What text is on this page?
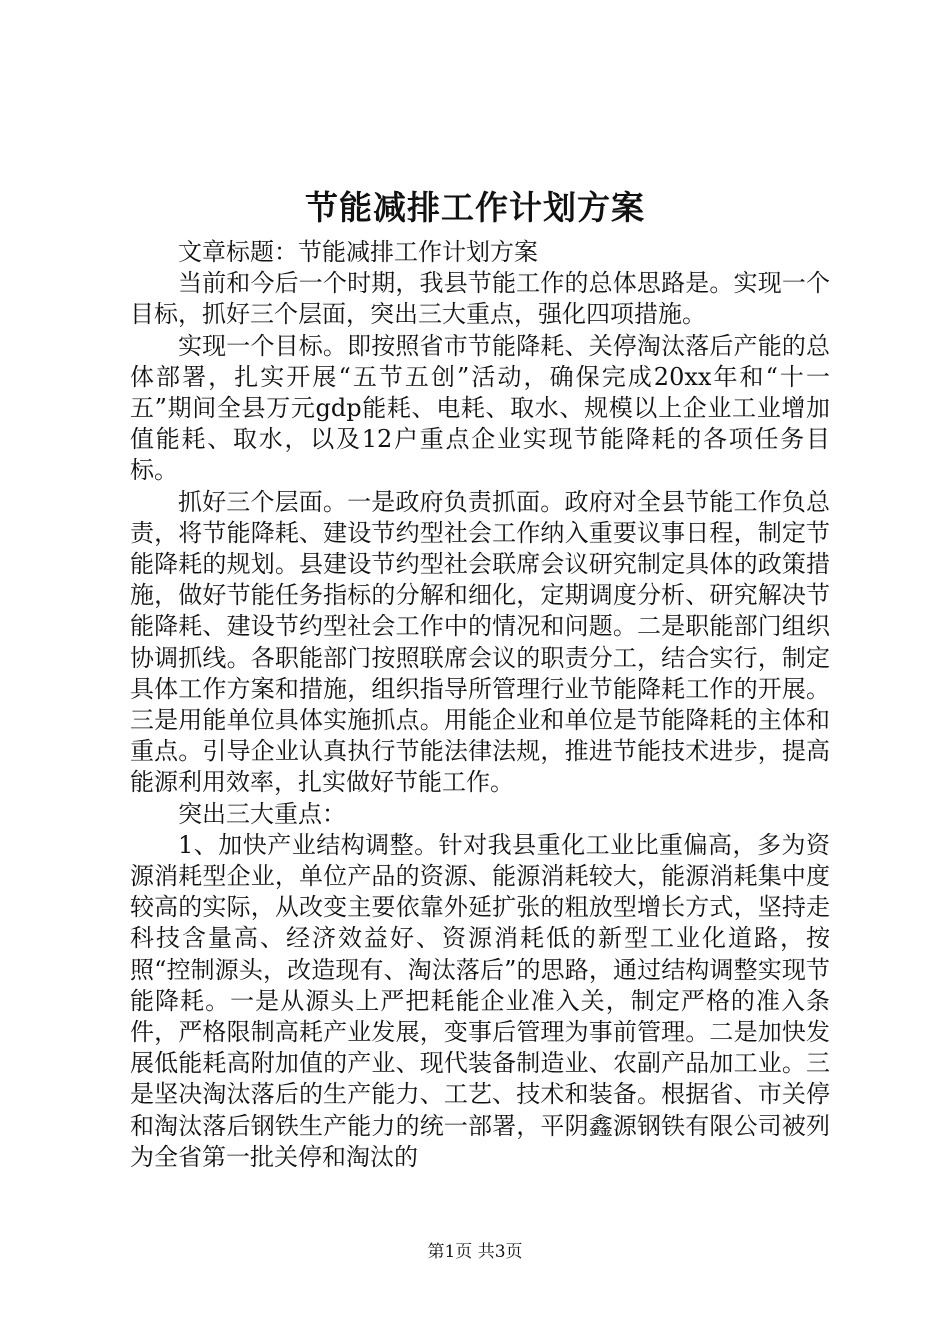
节能减排工作计划方案

文章标题：节能减排工作计划方案

当前和今后一个时期，我县节能工作的总体思路是。实现一个目标，抓好三个层面，突出三大重点，强化四项措施。

实现一个目标。即按照省市节能降耗、关停淘汰落后产能的总体部署，扎实开展“五节五创”活动，确保完成20xx年和“十一五”期间全县万元gdp能耗、电耗、取水、规模以上企业工业增加值能耗、取水，以及12户重点企业实现节能降耗的各项任务目标。

抓好三个层面。一是政府负责抓面。政府对全县节能工作负总责，将节能降耗、建设节约型社会工作纳入重要议事日程，制定节能降耗的规划。县建设节约型社会联席会议研究制定具体的政策措施，做好节能任务指标的分解和细化，定期调度分析、研究解决节能降耗、建设节约型社会工作中的情况和问题。二是职能部门组织协调抓线。各职能部门按照联席会议的职责分工，结合实行，制定具体工作方案和措施，组织指导所管理行业节能降耗工作的开展。三是用能单位具体实施抓点。用能企业和单位是节能降耗的主体和重点。引导企业认真执行节能法律法规，推进节能技术进步，提高能源利用效率，扎实做好节能工作。

突出三大重点：

1、加快产业结构调整。针对我县重化工业比重偏高，多为资源消耗型企业，单位产品的资源、能源消耗较大，能源消耗集中度较高的实际，从改变主要依靠外延扩张的粗放型增长方式，坚持走科技含量高、经济效益好、资源消耗低的新型工业化道路，按照“控制源头，改造现有、淘汰落后”的思路，通过结构调整实现节能降耗。一是从源头上严把耗能企业准入关，制定严格的准入条件，严格限制高耗产业发展，变事后管理为事前管理。二是加快发展低能耗高附加值的产业、现代装备制造业、农副产品加工业。三是坚决淘汰落后的生产能力、工艺、技术和装备。根据省、市关停和淘汰落后钢铁生产能力的统一部署，平阴鑫源钢铁有限公司被列为全省第一批关停和淘汰的

第1页 共3页
